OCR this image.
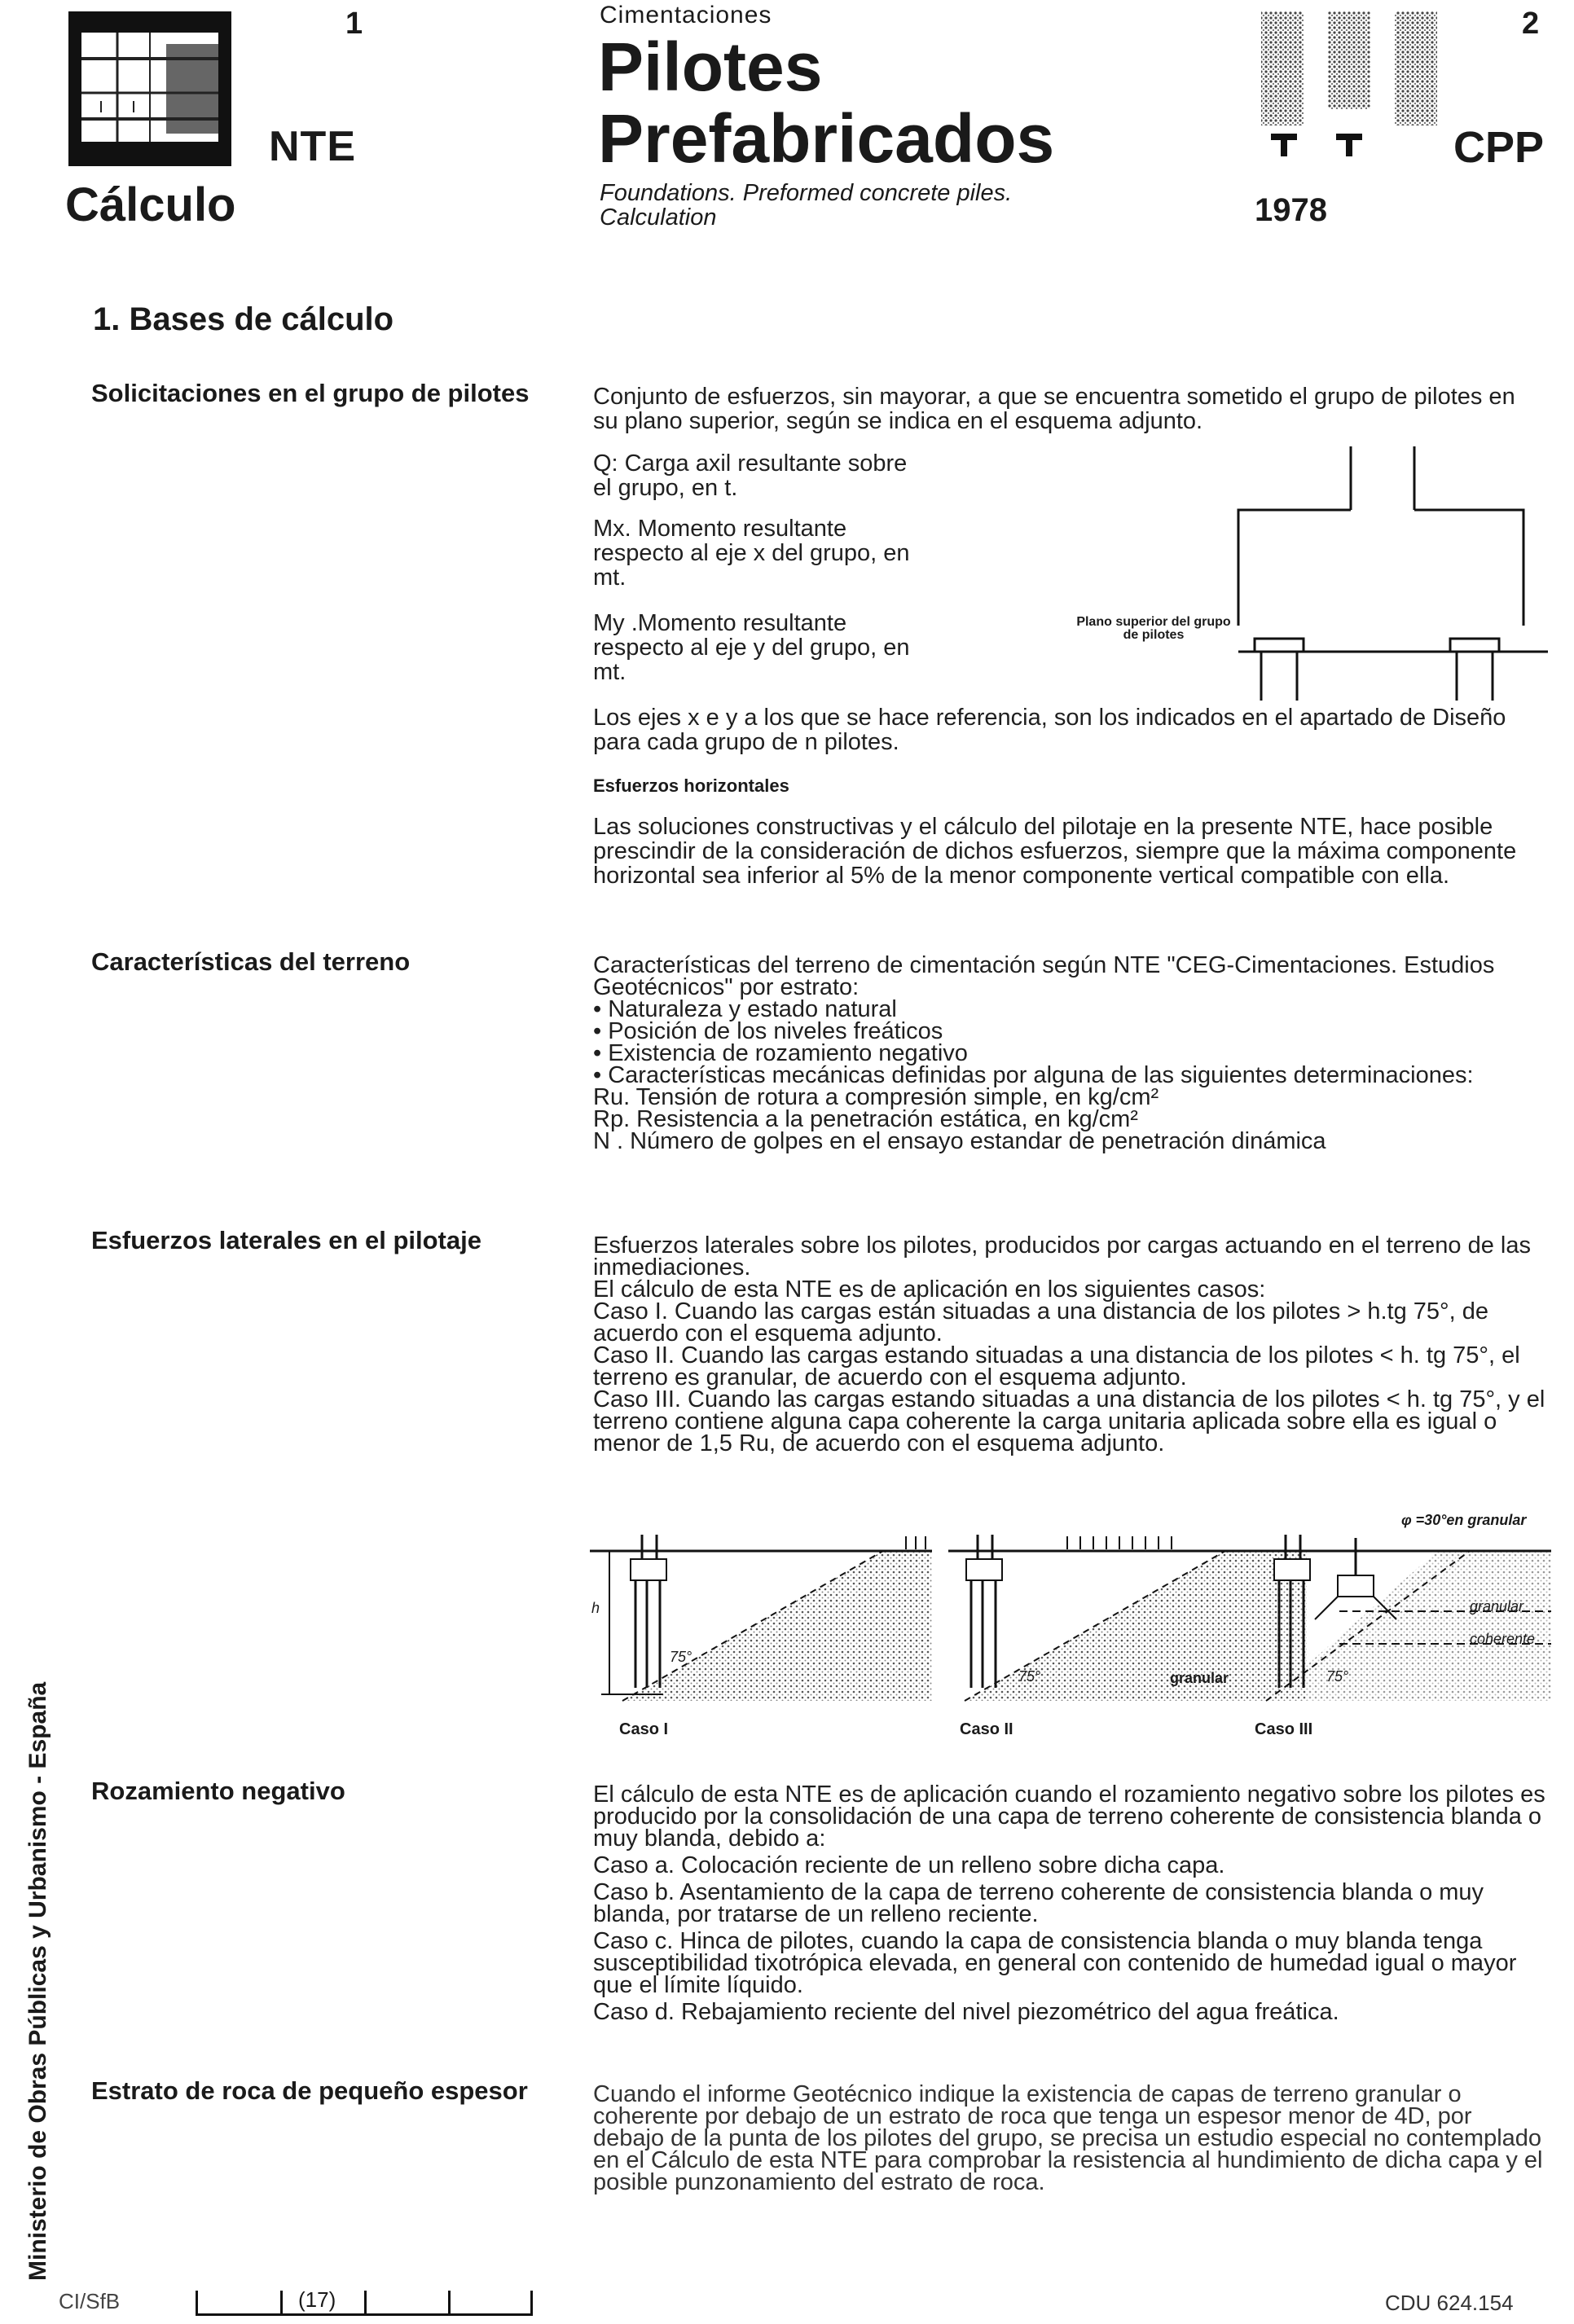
1
NTE
Cálculo
Cimentaciones
Pilotes
Prefabricados
Foundations. Preformed concrete piles.
Calculation
2
CPP
1978
1. Bases de cálculo
Solicitaciones en el grupo de pilotes	Conjunto de esfuerzos, sin mayorar, a que se encuentra sometido el grupo de pilotes en su plano superior, según se indica en el esquema adjunto.
Q: Carga axil resultante sobre el grupo, en t.
Mx. Momento resultante respecto al eje x del grupo, en mt.
My .Momento resultante respecto al eje y del grupo, en mt.
Plano superior del grupo de pilotes
Los ejes x e y a los que se hace referencia, son los indicados en el apartado de Diseño para cada grupo de n pilotes.
Esfuerzos horizontales
Las soluciones constructivas y el cálculo del pilotaje en la presente NTE, hace posible prescindir de la consideración de dichos esfuerzos, siempre que la máxima componente horizontal sea inferior al 5% de la menor componente vertical compatible con ella.
Características del terreno	Características del terreno de cimentación según NTE "CEG-Cimentaciones. Estudios Geotécnicos" por estrato:

• Naturaleza y estado natural

• Posición de los niveles freáticos

• Existencia de rozamiento negativo

• Características mecánicas definidas por alguna de las siguientes determinaciones:

Ru. Tensión de rotura a compresión simple, en kg/cm²

Rp. Resistencia a la penetración estática, en kg/cm²

N . Número de golpes en el ensayo estandar de penetración dinámica

Esfuerzos laterales en el pilotaje	Esfuerzos laterales sobre los pilotes, producidos por cargas actuando en el terreno de las inmediaciones.

El cálculo de esta NTE es de aplicación en los siguientes casos:

Caso I. Cuando las cargas están situadas a una distancia de los pilotes > h.tg 75°, de acuerdo con el esquema adjunto.

Caso II. Cuando las cargas estando situadas a una distancia de los pilotes < h. tg 75°, el terreno es granular, de acuerdo con el esquema adjunto.

Caso III. Cuando las cargas estando situadas a una distancia de los pilotes < h. tg 75°, y el terreno contiene alguna capa coherente la carga unitaria aplicada sobre ella es igual o menor de 1,5 Ru, de acuerdo con el esquema adjunto.

h
75°
75°	75°
granular
granular
coherente
φ =30°en granular
Caso I	Caso II	Caso III
Rozamiento negativo	El cálculo de esta NTE es de aplicación cuando el rozamiento negativo sobre los pilotes es producido por la consolidación de una capa de terreno coherente de consistencia blanda o muy blanda, debido a:

Caso a. Colocación reciente de un relleno sobre dicha capa.

Caso b. Asentamiento de la capa de terreno coherente de consistencia blanda o muy blanda, por tratarse de un relleno reciente.

Caso c. Hinca de pilotes, cuando la capa de consistencia blanda o muy blanda tenga susceptibilidad tixotrópica elevada, en general con contenido de humedad igual o mayor que el límite líquido.

Caso d. Rebajamiento reciente del nivel piezométrico del agua freática.

Estrato de roca de pequeño espesor	Cuando el informe Geotécnico indique la existencia de capas de terreno granular o coherente por debajo de un estrato de roca que tenga un espesor menor de 4D, por debajo de la punta de los pilotes del grupo, se precisa un estudio especial no contemplado en el Cálculo de esta NTE para comprobar la resistencia al hundimiento de dicha capa y el posible punzonamiento del estrato de roca.
Ministerio de Obras Públicas y Urbanismo - España
CI/SfB	(17)	CDU 624.154
